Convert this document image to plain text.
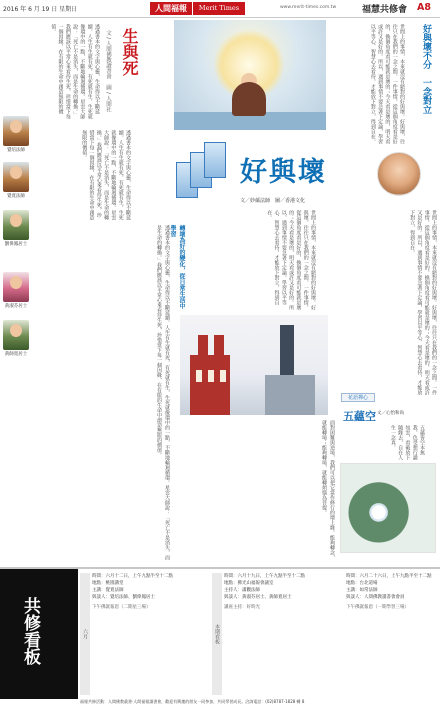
2016 年 6 月 19 日 星期日	人間福報	Merit Times	www.merit-times.com.tw	福慧共修會 A8
生與死
文 / 人間佛教讀書會　圖 / 人間社
透過書本的文字與心靈，生命得以不斷延續。人生有生就有死，有死就有生，生死就像環中的一點，不斷地輪迴循環。星雲大師說：「死亡不是消失，而是生命的轉換。」我們應該以平常心來看待生死，珍惜當下每一個因緣，在有限的生命中創造無限的價值。
透過書本的文字與心靈，生命得以不斷延續。人生有生就有死，有死就有生，生死就像環中的一點，不斷地輪迴循環。星雲大師說：「死亡不是消失，而是生命的轉換。」我們應該以平常心來看待生死，珍惜當下每一個因緣，在有限的生命中創造無限的價值。
透過書本的文字與心靈，生命得以不斷延續。人生有生就有死，有死就有生，生死就像環中的一點，不斷地輪迴循環。星雲大師說：「死亡不是消失，而是生命的轉換。」我們應該以平常心來看待生死，珍惜當下每一個因緣，在有限的生命中創造無限的價值。
覺培法師
覺寬法師
劉偉鳳居士
黃淑芬居士
黃師寬居士
世間上的事情，本來就沒有絕對的好與壞。好與壞，往往只在我們的一念之間。一件事情，從這個角度看是好的，換個角度看可能就是壞的；今天看是壞的，明天看或許又是好的。所以，遇到事情不要急著下定論，學習以平等心、智慧心去看待，才能放下對立，得到自在。	好與壞不分　一念對立
好與壞
文／妙蘊法師　圖／香港文化
世間上的事情，本來就沒有絕對的好與壞。好與壞，往往只在我們的一念之間。一件事情，從這個角度看是好的，換個角度看可能就是壞的；今天看是壞的，明天看或許又是好的。所以，遇到事情不要急著下定論，學習以平等心、智慧心去看待，才能放下對立，得到自在。
轉壞為好的變化，從日常生活中學習	世間上的事情，本來就沒有絕對的好與壞。好與壞，往往只在我們的一念之間。一件事情，從這個角度看是好的，換個角度看可能就是壞的；今天看是壞的，明天看或許又是好的。所以，遇到事情不要急著下定論，學習以平等心、智慧心去看待，才能放下對立，得到自在。
面對困難與逆境，我們可以把它當作修行的增上緣。能夠轉念，就能轉境；能夠轉境，就能轉煩惱為菩提。
花語禪心
五蘊空 文／心怡和尚
五蘊皆空本無我，色受想行識如雲，看破放下隨緣去，自在人生一念真。
共修看板	六月
時間：六月十二日，上午九點半至十二點
地點：桃園講堂
主講：覺寬法師
與談人：覺培法師、劉偉鳳居士
下午佛誕報恩（二期星三場）
本期看板
時間：六月十九日，上午九點半至十二點
地點：佛光山福報會議室
主持人：滿觀法師
與談人：黃淑芬居士、黃師寬居士
講座主持：好時光
時間：六月二十六日，上午九點半至十二點
地點：台北道場
主講：如常法師
與談人：人間佛教讀書會會員
下午佛誕報恩（一期學習三場）
福報共修活動：人間佛教叢書·人間福報讀書會，歡迎有興趣的朋友一同參加，共同學習成長。洽詢電話：(02)8787-1828 轉 8
